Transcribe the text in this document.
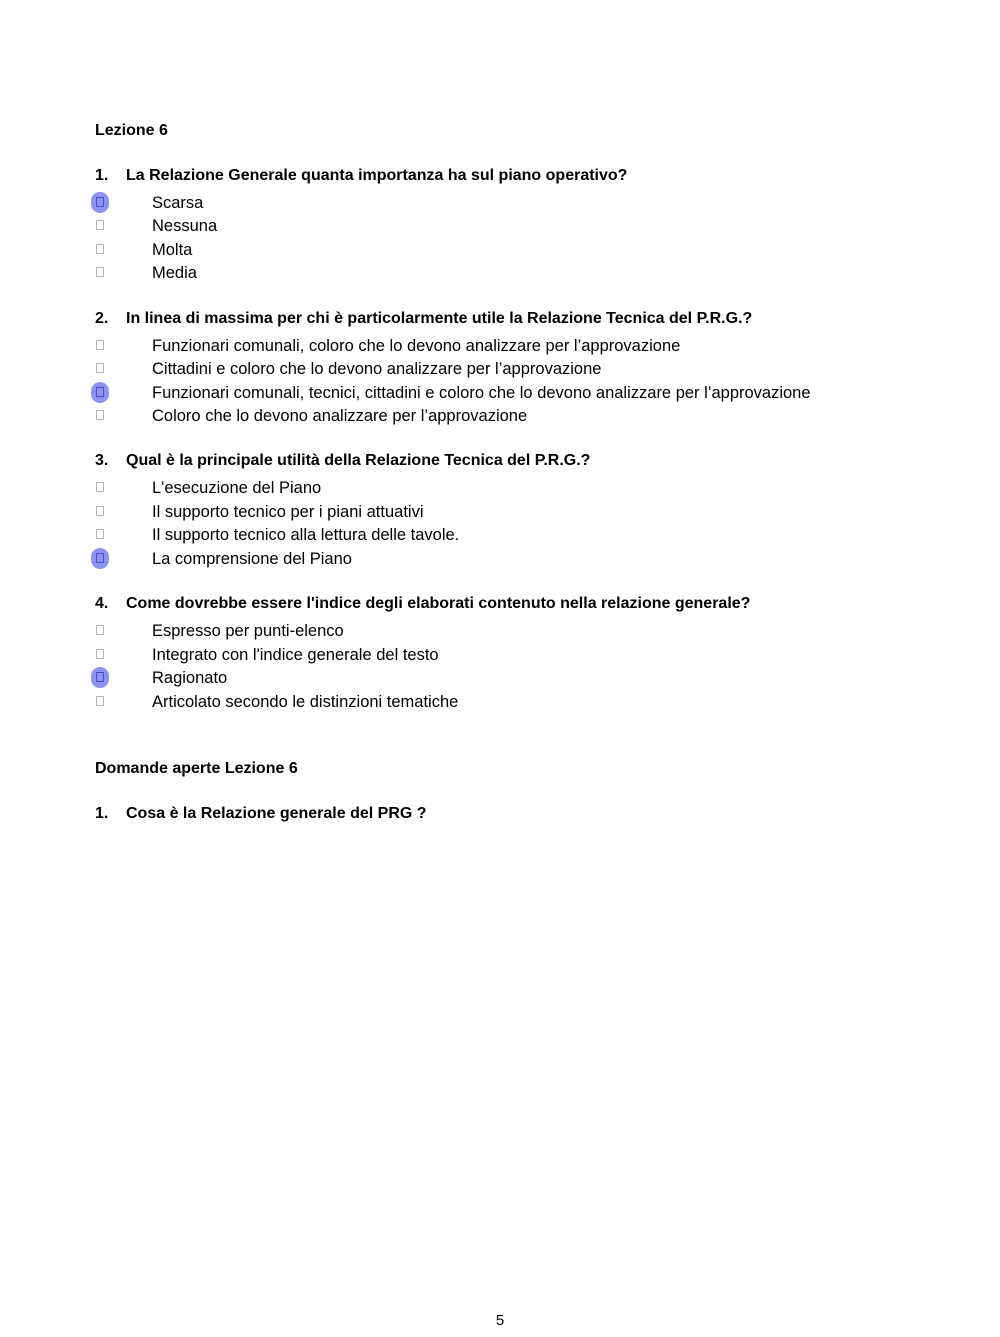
Lezione 6
1. La Relazione Generale quanta importanza ha sul piano operativo?
Scarsa
Nessuna
Molta
Media
2. In linea di massima per chi è particolarmente utile la Relazione Tecnica del P.R.G.?
Funzionari comunali, coloro che lo devono analizzare per l’approvazione
Cittadini e coloro che lo devono analizzare per l’approvazione
Funzionari comunali, tecnici, cittadini e coloro che lo devono analizzare per l’approvazione
Coloro che lo devono analizzare per l’approvazione
3. Qual è la principale utilità della Relazione Tecnica del P.R.G.?
L'esecuzione del Piano
Il supporto tecnico per i piani attuativi
Il supporto tecnico alla lettura delle tavole.
La comprensione del Piano
4. Come dovrebbe essere l'indice degli elaborati contenuto nella relazione generale?
Espresso per punti-elenco
Integrato con l'indice generale del testo
Ragionato
Articolato secondo le distinzioni tematiche
Domande aperte Lezione 6
1. Cosa è la Relazione generale del PRG ?
5
